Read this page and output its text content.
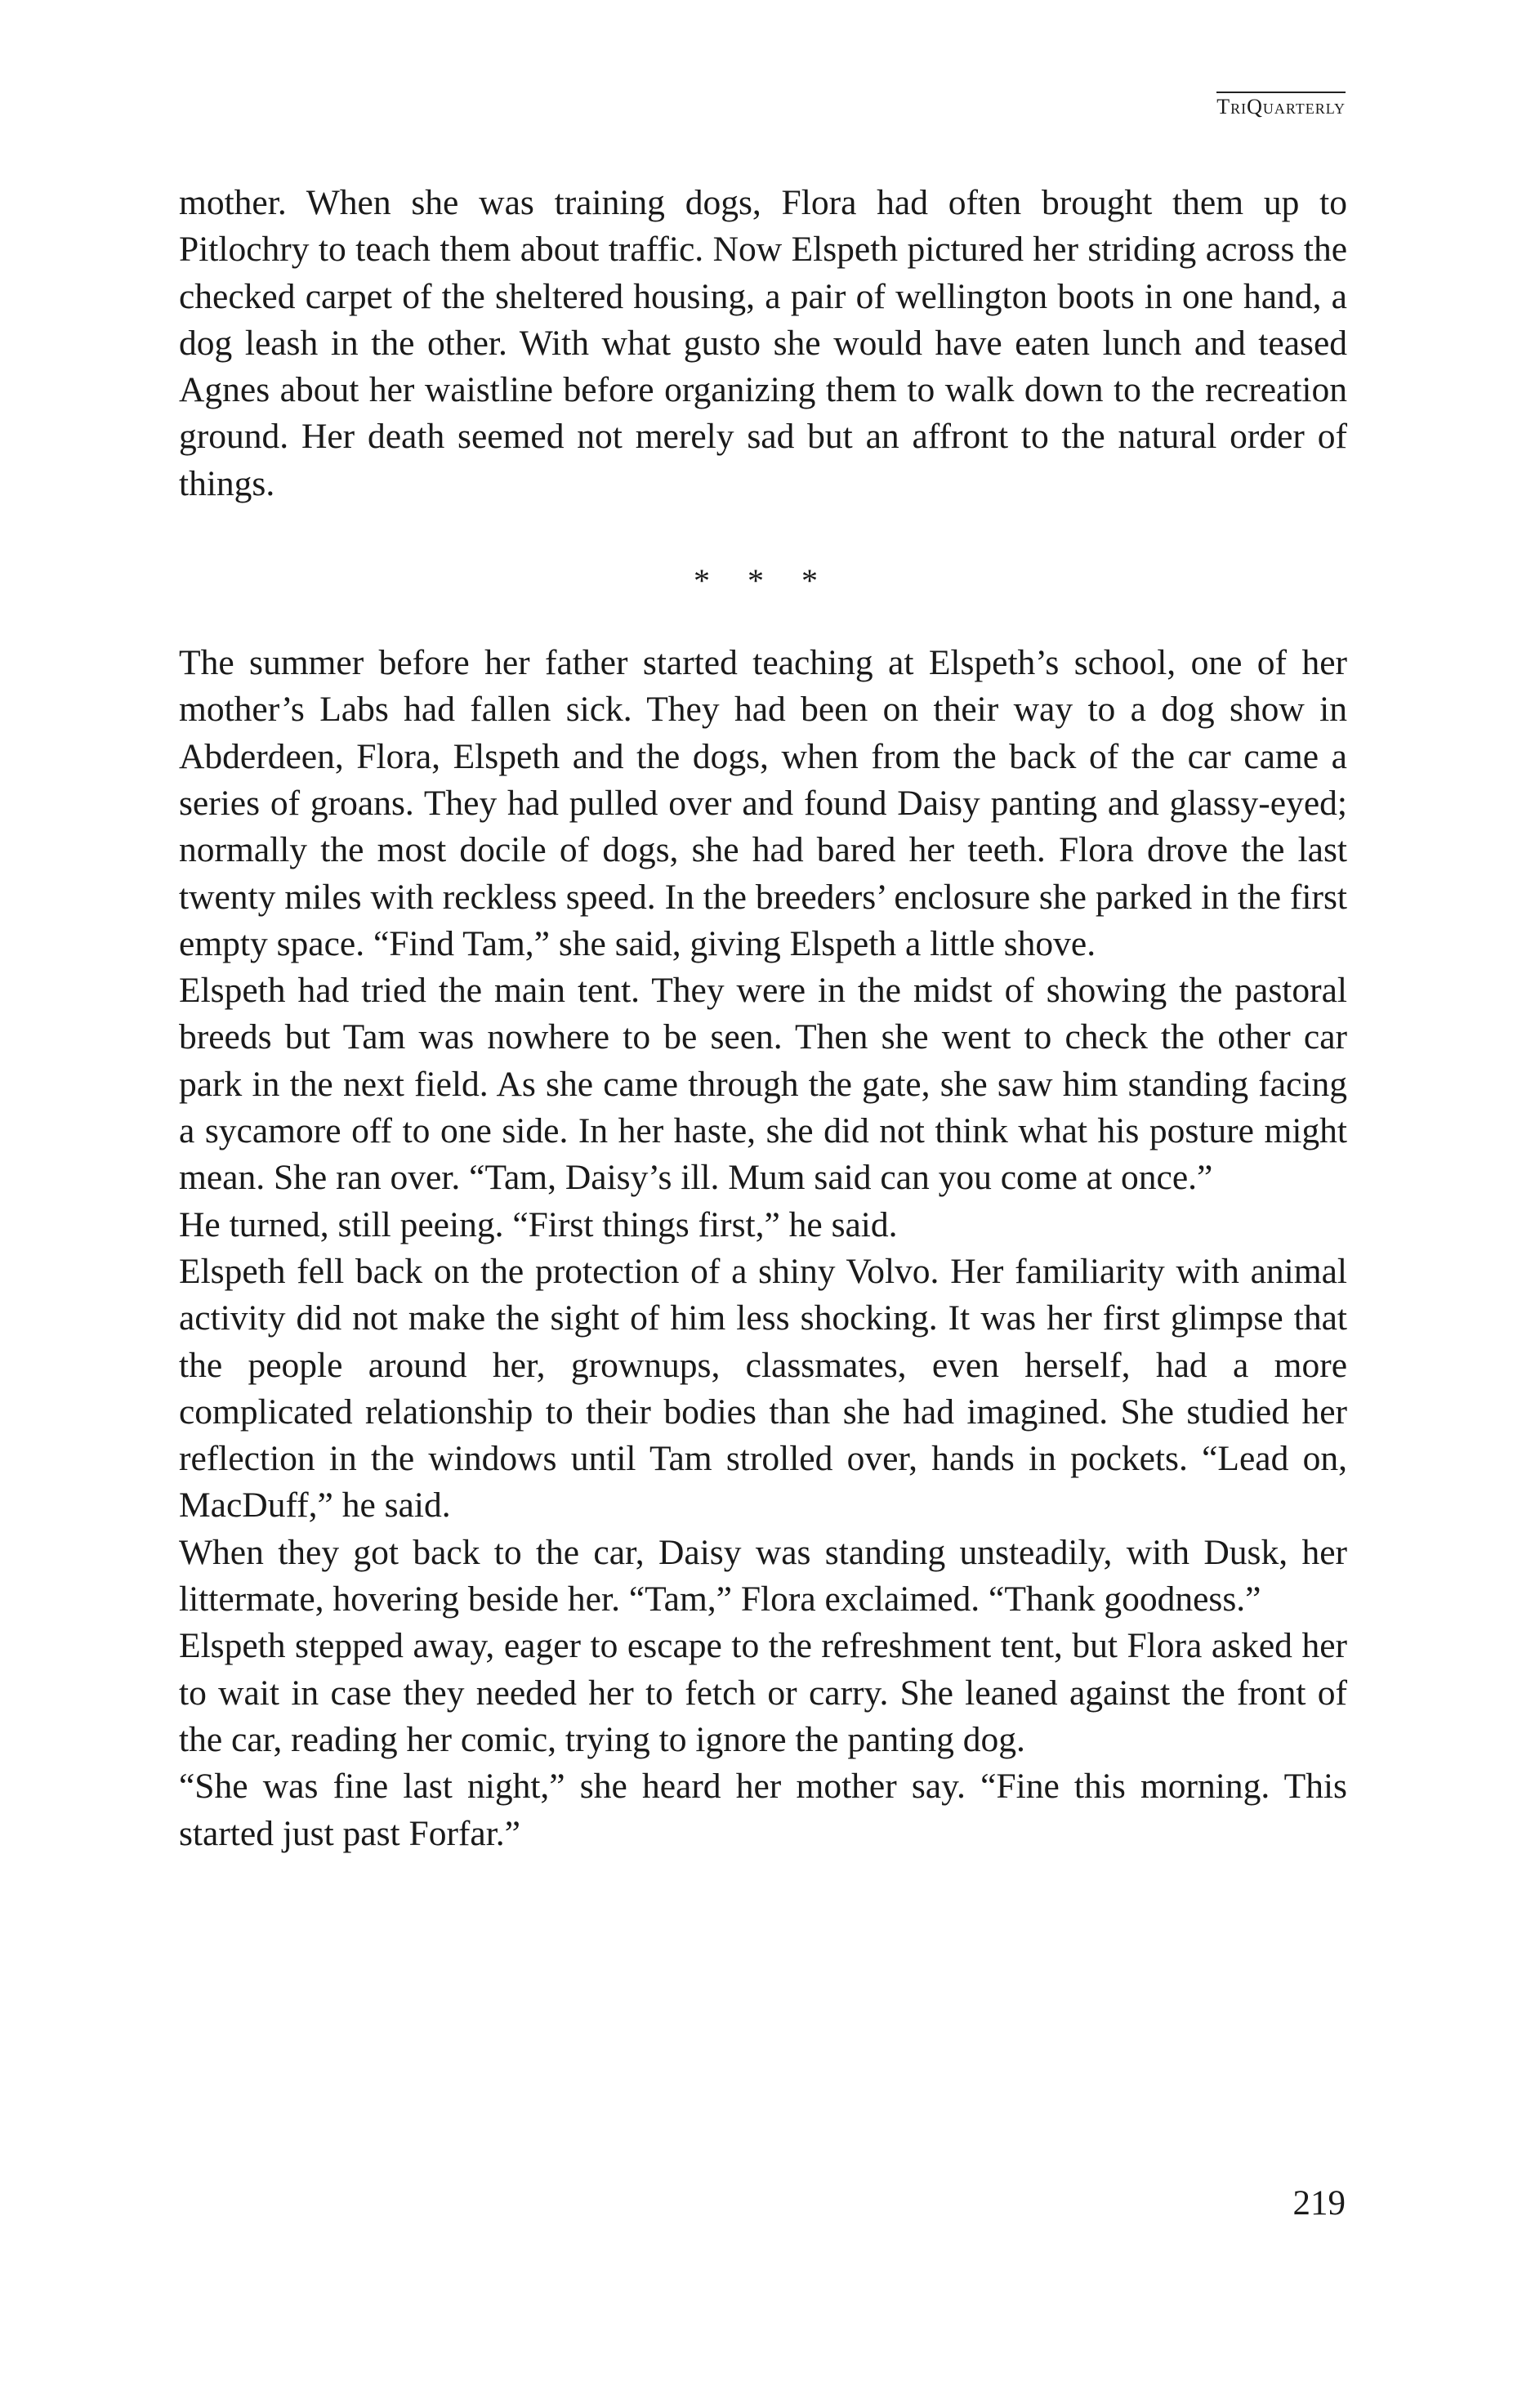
TriQuarterly

mother. When she was training dogs, Flora had often brought them up to Pitlochry to teach them about traffic. Now Elspeth pictured her striding across the checked carpet of the sheltered housing, a pair of wellington boots in one hand, a dog leash in the other. With what gusto she would have eaten lunch and teased Agnes about her waistline before organizing them to walk down to the recreation ground. Her death seemed not merely sad but an affront to the natural order of things.

* * *

The summer before her father started teaching at Elspeth’s school, one of her mother’s Labs had fallen sick. They had been on their way to a dog show in Abderdeen, Flora, Elspeth and the dogs, when from the back of the car came a series of groans. They had pulled over and found Daisy panting and glassy-eyed; normally the most docile of dogs, she had bared her teeth. Flora drove the last twenty miles with reckless speed. In the breeders’ enclosure she parked in the first empty space. “Find Tam,” she said, giving Elspeth a little shove.

Elspeth had tried the main tent. They were in the midst of showing the pastoral breeds but Tam was nowhere to be seen. Then she went to check the other car park in the next field. As she came through the gate, she saw him standing facing a sycamore off to one side. In her haste, she did not think what his posture might mean. She ran over. “Tam, Daisy’s ill. Mum said can you come at once.”

He turned, still peeing. “First things first,” he said.

Elspeth fell back on the protection of a shiny Volvo. Her familiarity with animal activity did not make the sight of him less shocking. It was her first glimpse that the people around her, grownups, classmates, even herself, had a more complicated relationship to their bodies than she had imagined. She studied her reflection in the windows until Tam strolled over, hands in pockets. “Lead on, MacDuff,” he said.

When they got back to the car, Daisy was standing unsteadily, with Dusk, her littermate, hovering beside her. “Tam,” Flora exclaimed. “Thank goodness.”

Elspeth stepped away, eager to escape to the refreshment tent, but Flora asked her to wait in case they needed her to fetch or carry. She leaned against the front of the car, reading her comic, trying to ignore the panting dog.

“She was fine last night,” she heard her mother say. “Fine this morning. This started just past Forfar.”

219
